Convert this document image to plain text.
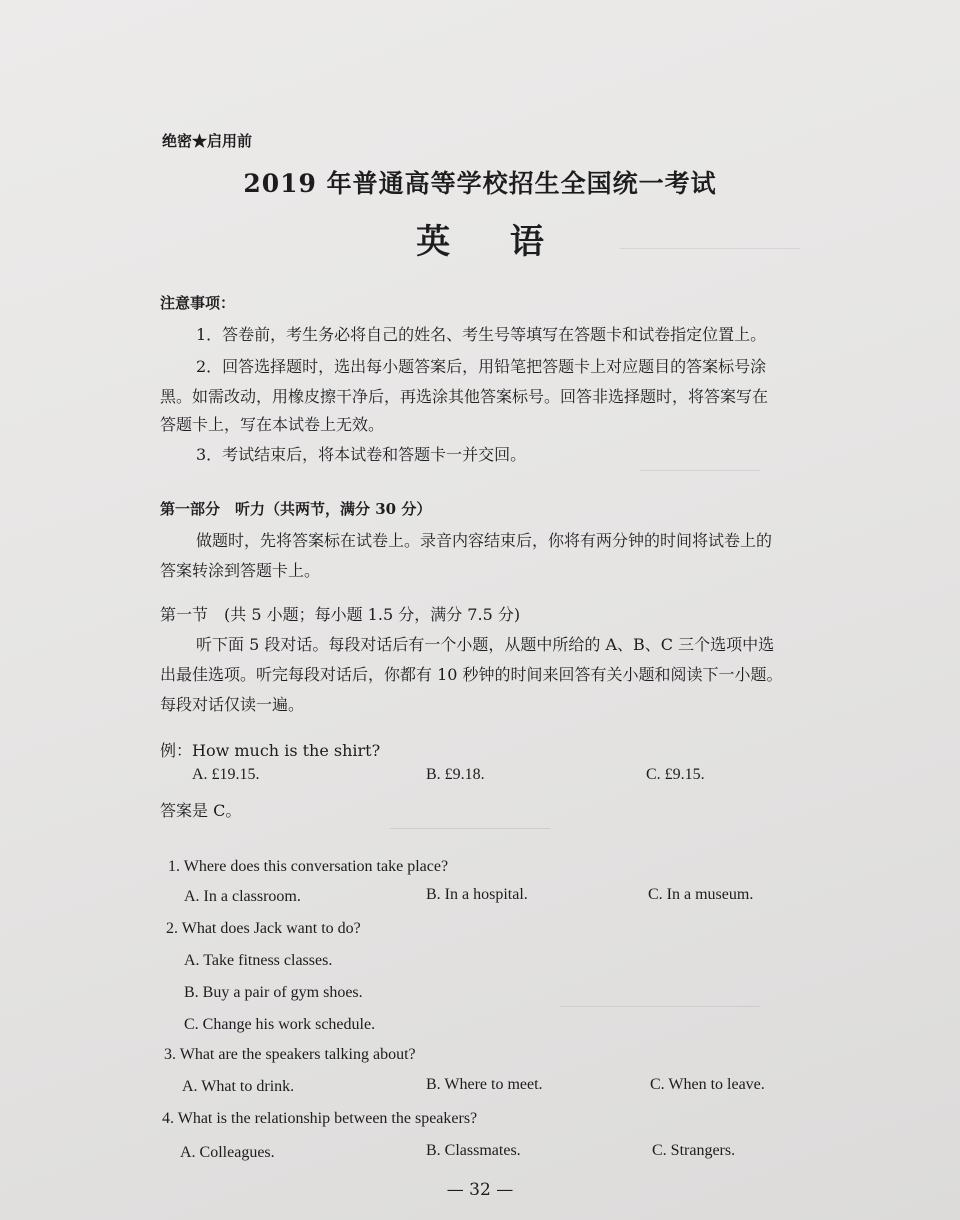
绝密★启用前
2019 年普通高等学校招生全国统一考试
英 语
注意事项：
1．答卷前，考生务必将自己的姓名、考生号等填写在答题卡和试卷指定位置上。
2．回答选择题时，选出每小题答案后，用铅笔把答题卡上对应题目的答案标号涂
黑。如需改动，用橡皮擦干净后，再选涂其他答案标号。回答非选择题时，将答案写在
答题卡上，写在本试卷上无效。
3．考试结束后，将本试卷和答题卡一并交回。
第一部分　听力（共两节，满分 30 分）
做题时，先将答案标在试卷上。录音内容结束后，你将有两分钟的时间将试卷上的
答案转涂到答题卡上。
第一节　(共 5 小题；每小题 1.5 分，满分 7.5 分)
听下面 5 段对话。每段对话后有一个小题，从题中所给的 A、B、C 三个选项中选
出最佳选项。听完每段对话后，你都有 10 秒钟的时间来回答有关小题和阅读下一小题。
每段对话仅读一遍。
例：How much is the shirt?
A. £19.15.	B. £9.18.	C. £9.15.
答案是 C。
1. Where does this conversation take place?
A. In a classroom.	B. In a hospital.	C. In a museum.
2. What does Jack want to do?
A. Take fitness classes.
B. Buy a pair of gym shoes.
C. Change his work schedule.
3. What are the speakers talking about?
A. What to drink.	B. Where to meet.	C. When to leave.
4. What is the relationship between the speakers?
A. Colleagues.	B. Classmates.	C. Strangers.
— 32 —
